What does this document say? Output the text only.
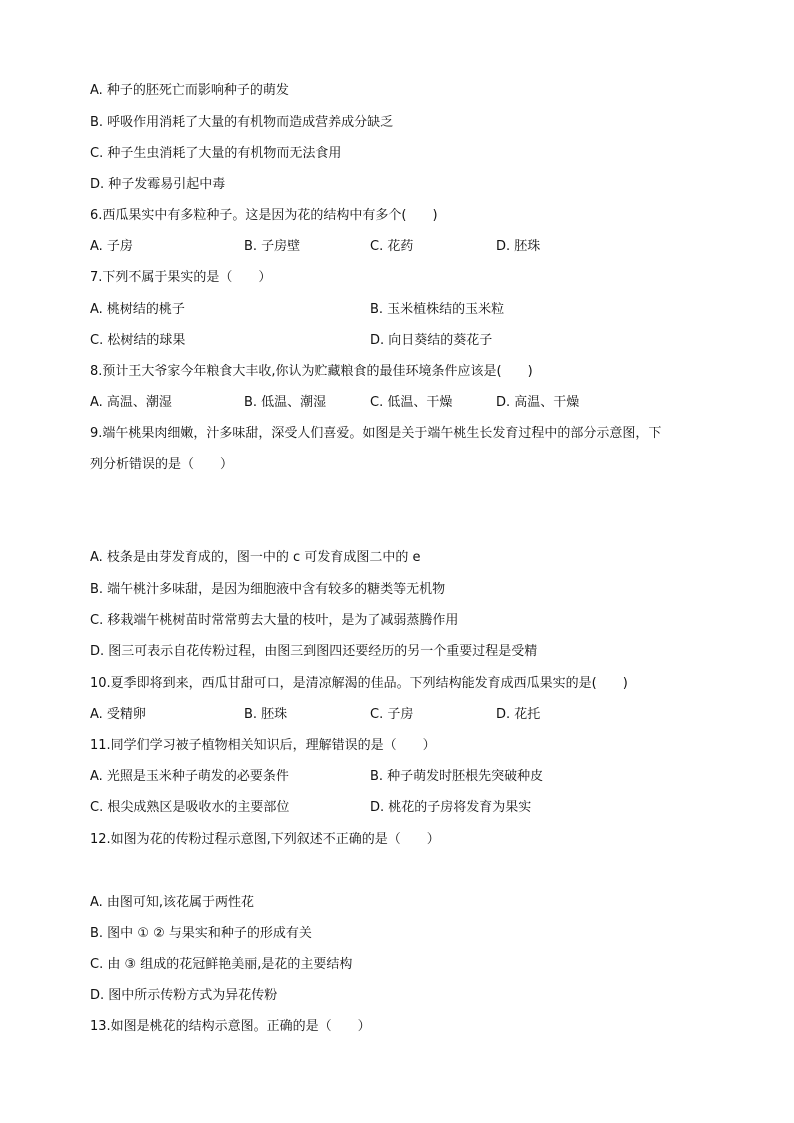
A. 种子的胚死亡而影响种子的萌发
B. 呼吸作用消耗了大量的有机物而造成营养成分缺乏
C. 种子生虫消耗了大量的有机物而无法食用
D. 种子发霉易引起中毒
6.西瓜果实中有多粒种子。这是因为花的结构中有多个(　　)
A. 子房	B. 子房壁	C. 花药	D. 胚珠
7.下列不属于果实的是（　　）
A. 桃树结的桃子	B. 玉米植株结的玉米粒
C. 松树结的球果	D. 向日葵结的葵花子
8.预计王大爷家今年粮食大丰收,你认为贮藏粮食的最佳环境条件应该是(　　)
A. 高温、潮湿	B. 低温、潮湿	C. 低温、干燥	D. 高温、干燥
9.端午桃果肉细嫩，汁多味甜，深受人们喜爱。如图是关于端午桃生长发育过程中的部分示意图，下
列分析错误的是（　　）
A. 枝条是由芽发育成的，图一中的 c 可发育成图二中的 e
B. 端午桃汁多味甜，是因为细胞液中含有较多的糖类等无机物
C. 移栽端午桃树苗时常常剪去大量的枝叶，是为了减弱蒸腾作用
D. 图三可表示自花传粉过程，由图三到图四还要经历的另一个重要过程是受精
10.夏季即将到来，西瓜甘甜可口，是清凉解渴的佳品。下列结构能发育成西瓜果实的是(　　)
A. 受精卵	B. 胚珠	C. 子房	D. 花托
11.同学们学习被子植物相关知识后，理解错误的是（　　）
A. 光照是玉米种子萌发的必要条件	B. 种子萌发时胚根先突破种皮
C. 根尖成熟区是吸收水的主要部位	D. 桃花的子房将发育为果实
12.如图为花的传粉过程示意图,下列叙述不正确的是（　　）
A. 由图可知,该花属于两性花
B. 图中 ① ② 与果实和种子的形成有关
C. 由 ③ 组成的花冠鲜艳美丽,是花的主要结构
D. 图中所示传粉方式为异花传粉
13.如图是桃花的结构示意图。正确的是（　　）
